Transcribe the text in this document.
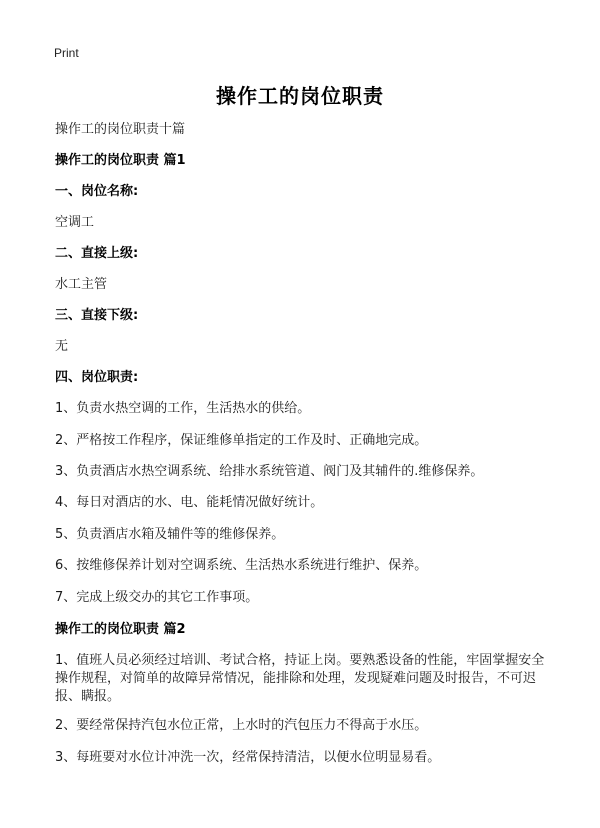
Print
操作工的岗位职责
操作工的岗位职责十篇
操作工的岗位职责 篇1
一、岗位名称:
空调工
二、直接上级:
水工主管
三、直接下级:
无
四、岗位职责:
1、负责水热空调的工作，生活热水的供给。
2、严格按工作程序，保证维修单指定的工作及时、正确地完成。
3、负责酒店水热空调系统、给排水系统管道、阀门及其辅件的.维修保养。
4、每日对酒店的水、电、能耗情况做好统计。
5、负责酒店水箱及辅件等的维修保养。
6、按维修保养计划对空调系统、生活热水系统进行维护、保养。
7、完成上级交办的其它工作事项。
操作工的岗位职责 篇2
1、值班人员必须经过培训、考试合格，持证上岗。要熟悉设备的性能，牢固掌握安全操作规程，对简单的故障异常情况，能排除和处理，发现疑难问题及时报告，不可迟报、瞒报。
2、要经常保持汽包水位正常，上水时的汽包压力不得高于水压。
3、每班要对水位计冲洗一次，经常保持清洁，以便水位明显易看。
